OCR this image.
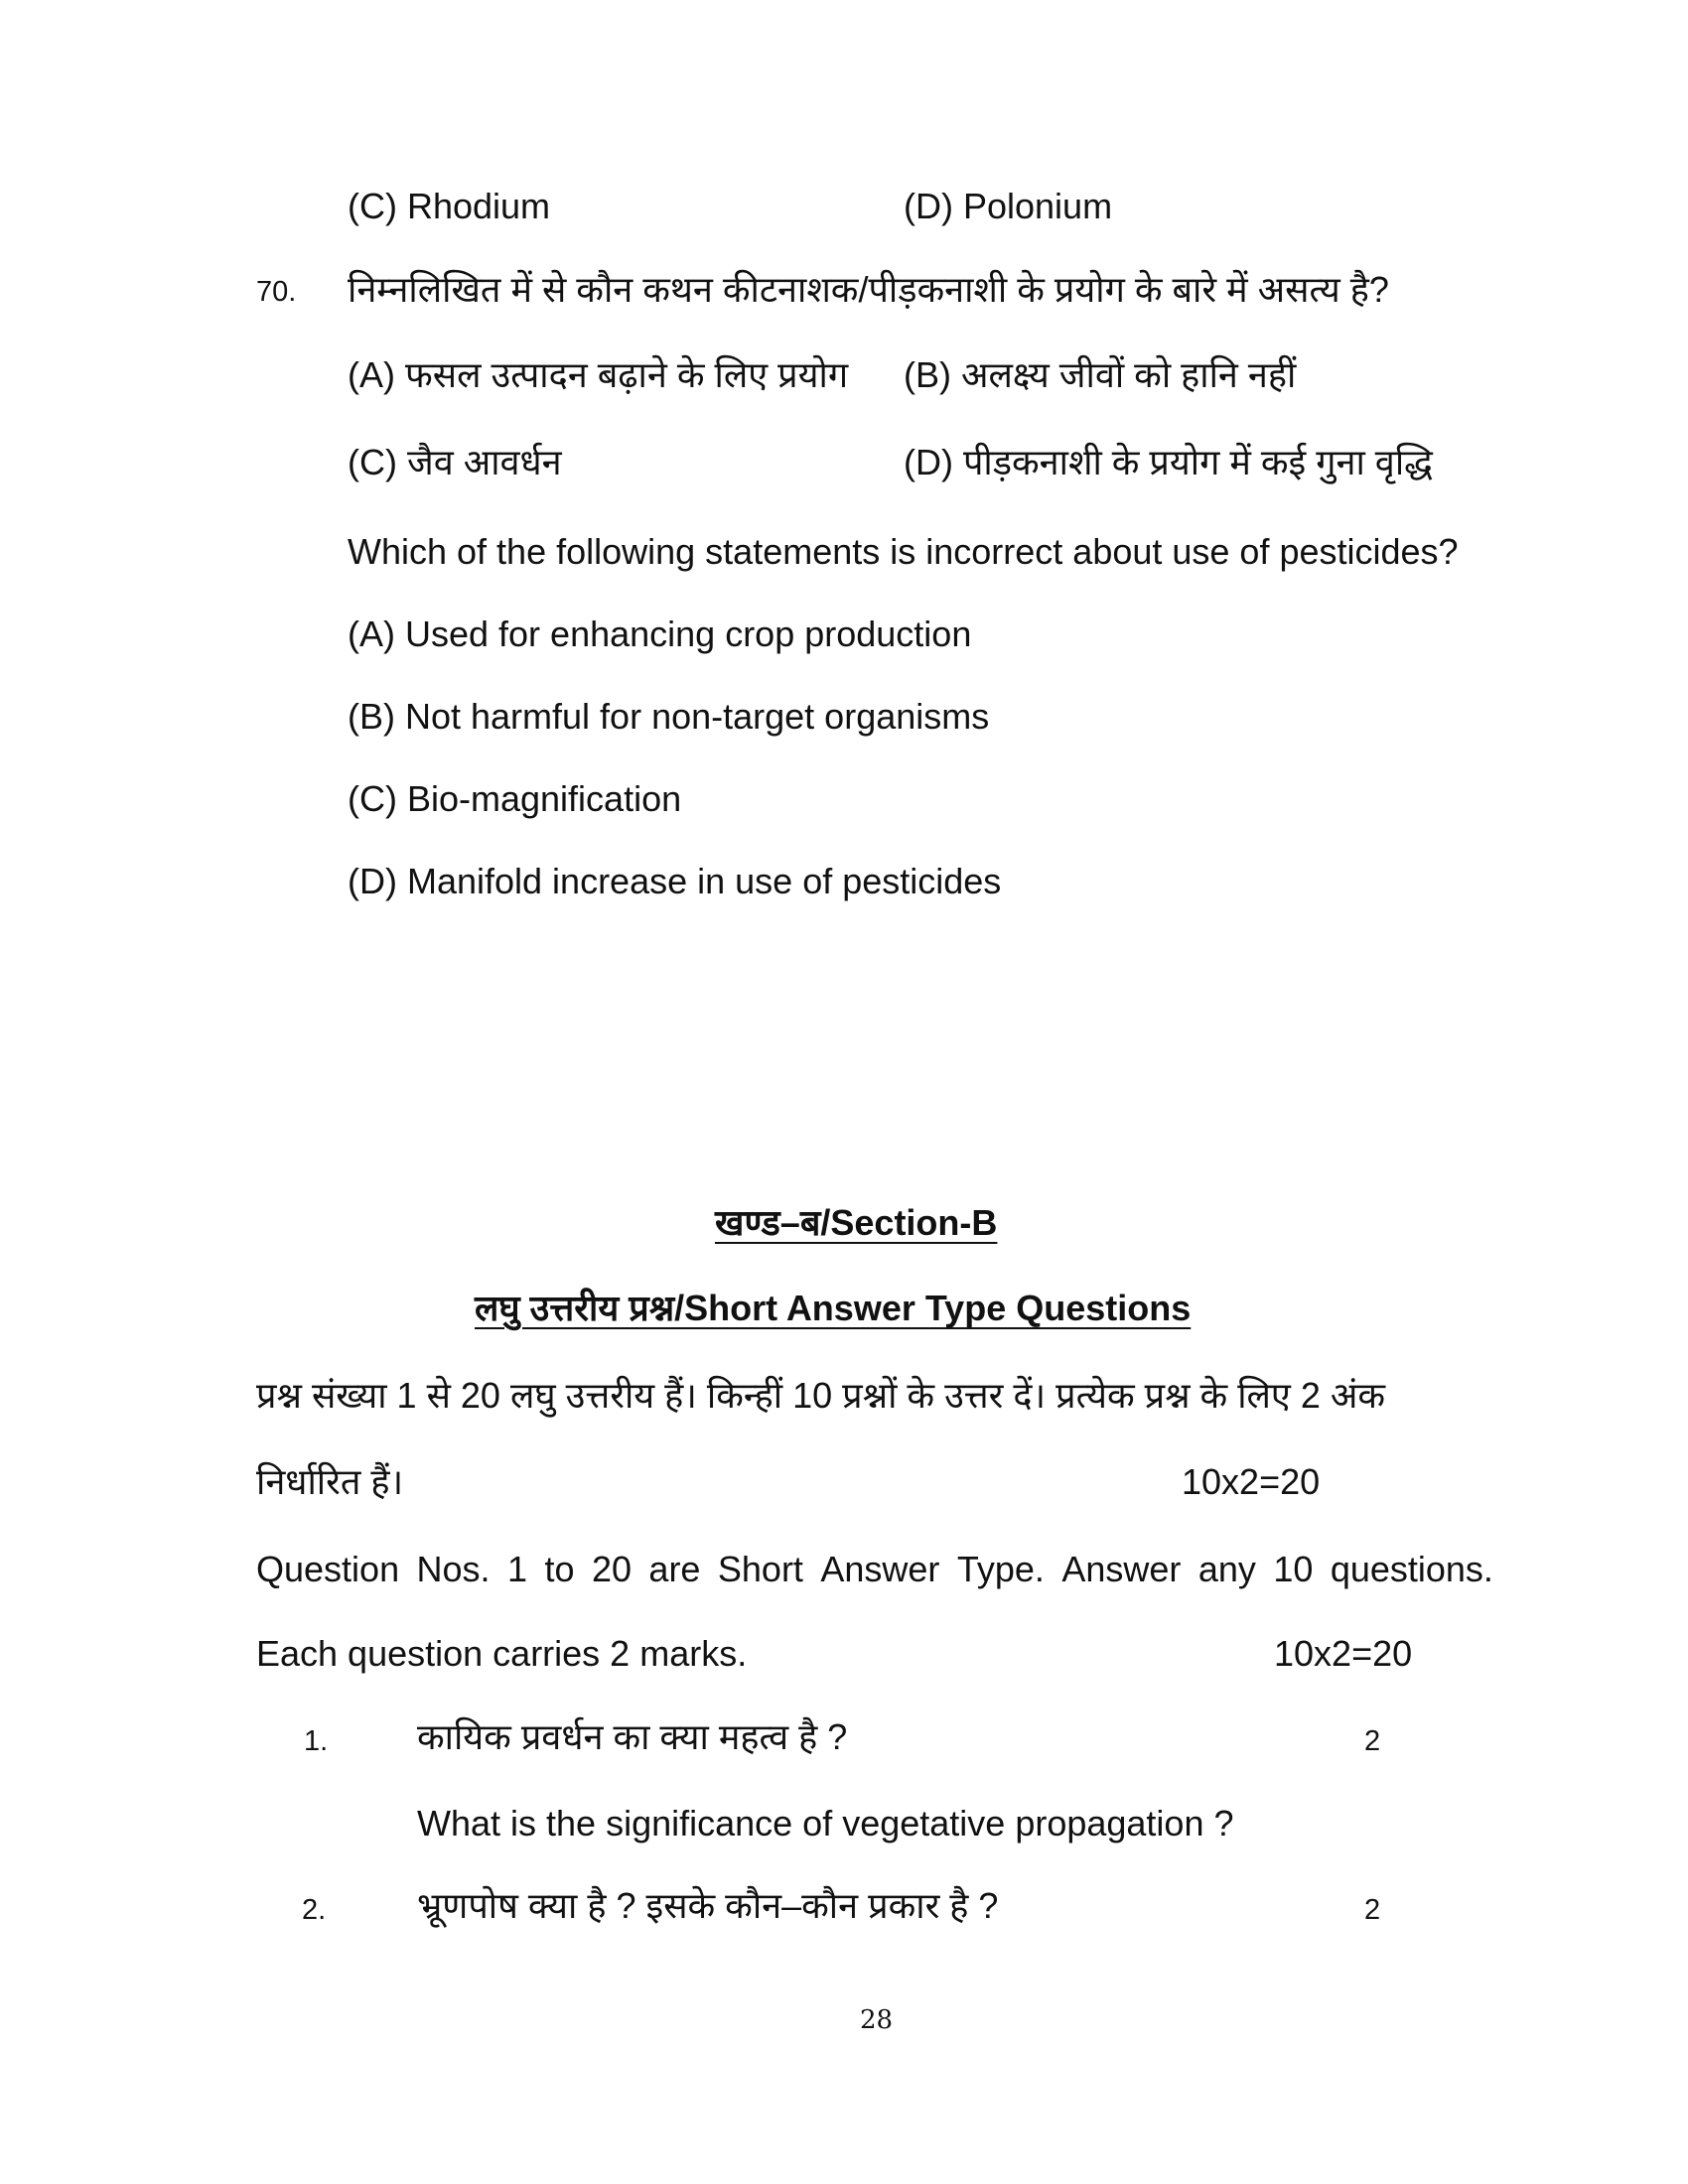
(C) Rhodium	(D) Polonium
70. निम्नलिखित में से कौन कथन कीटनाशक/पीड़कनाशी के प्रयोग के बारे में असत्य है?
(A) फसल उत्पादन बढ़ाने के लिए प्रयोग (B) अलक्ष्य जीवों को हानि नहीं
(C) जैव आवर्धन	(D) पीड़कनाशी के प्रयोग में कई गुना वृद्धि
Which of the following statements is incorrect about use of pesticides?
(A) Used for enhancing crop production
(B) Not harmful for non-target organisms
(C) Bio-magnification
(D) Manifold increase in use of pesticides
खण्ड–ब/Section-B
लघु उत्तरीय प्रश्न/Short Answer Type Questions
प्रश्न संख्या 1 से 20 लघु उत्तरीय हैं। किन्हीं 10 प्रश्नों के उत्तर दें। प्रत्येक प्रश्न के लिए 2 अंक
निर्धारित हैं।	10x2=20
Question Nos. 1 to 20 are Short Answer Type. Answer any 10 questions.
Each question carries 2 marks.	10x2=20
1. कायिक प्रवर्धन का क्या महत्व है ?	2
What is the significance of vegetative propagation ?
2.	भ्रूणपोष क्या है ? इसके कौन–कौन प्रकार है ?	2
28
